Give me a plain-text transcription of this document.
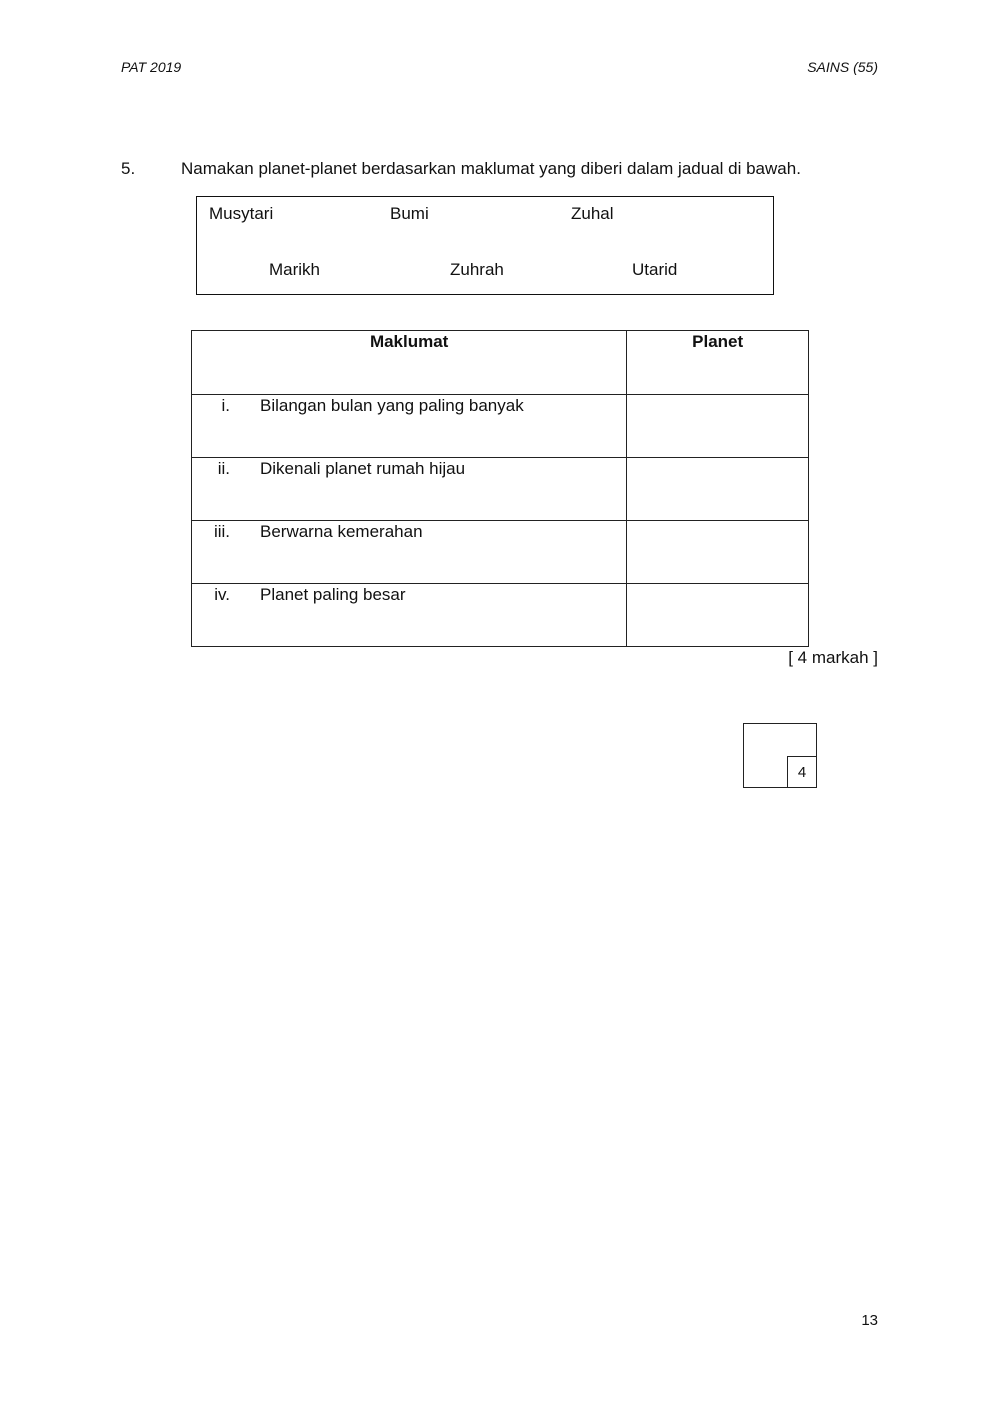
PAT 2019	SAINS (55)
5.	Namakan planet-planet berdasarkan maklumat yang diberi dalam jadual di bawah.
Musytari	Bumi	Zuhal
Marikh	Zuhrah	Utarid
Maklumat	Planet

i. Bilangan bulan yang paling banyak	

ii. Dikenali planet rumah hijau	

iii. Berwarna kemerahan	

iv. Planet paling besar	

[ 4 markah ]
4
13
